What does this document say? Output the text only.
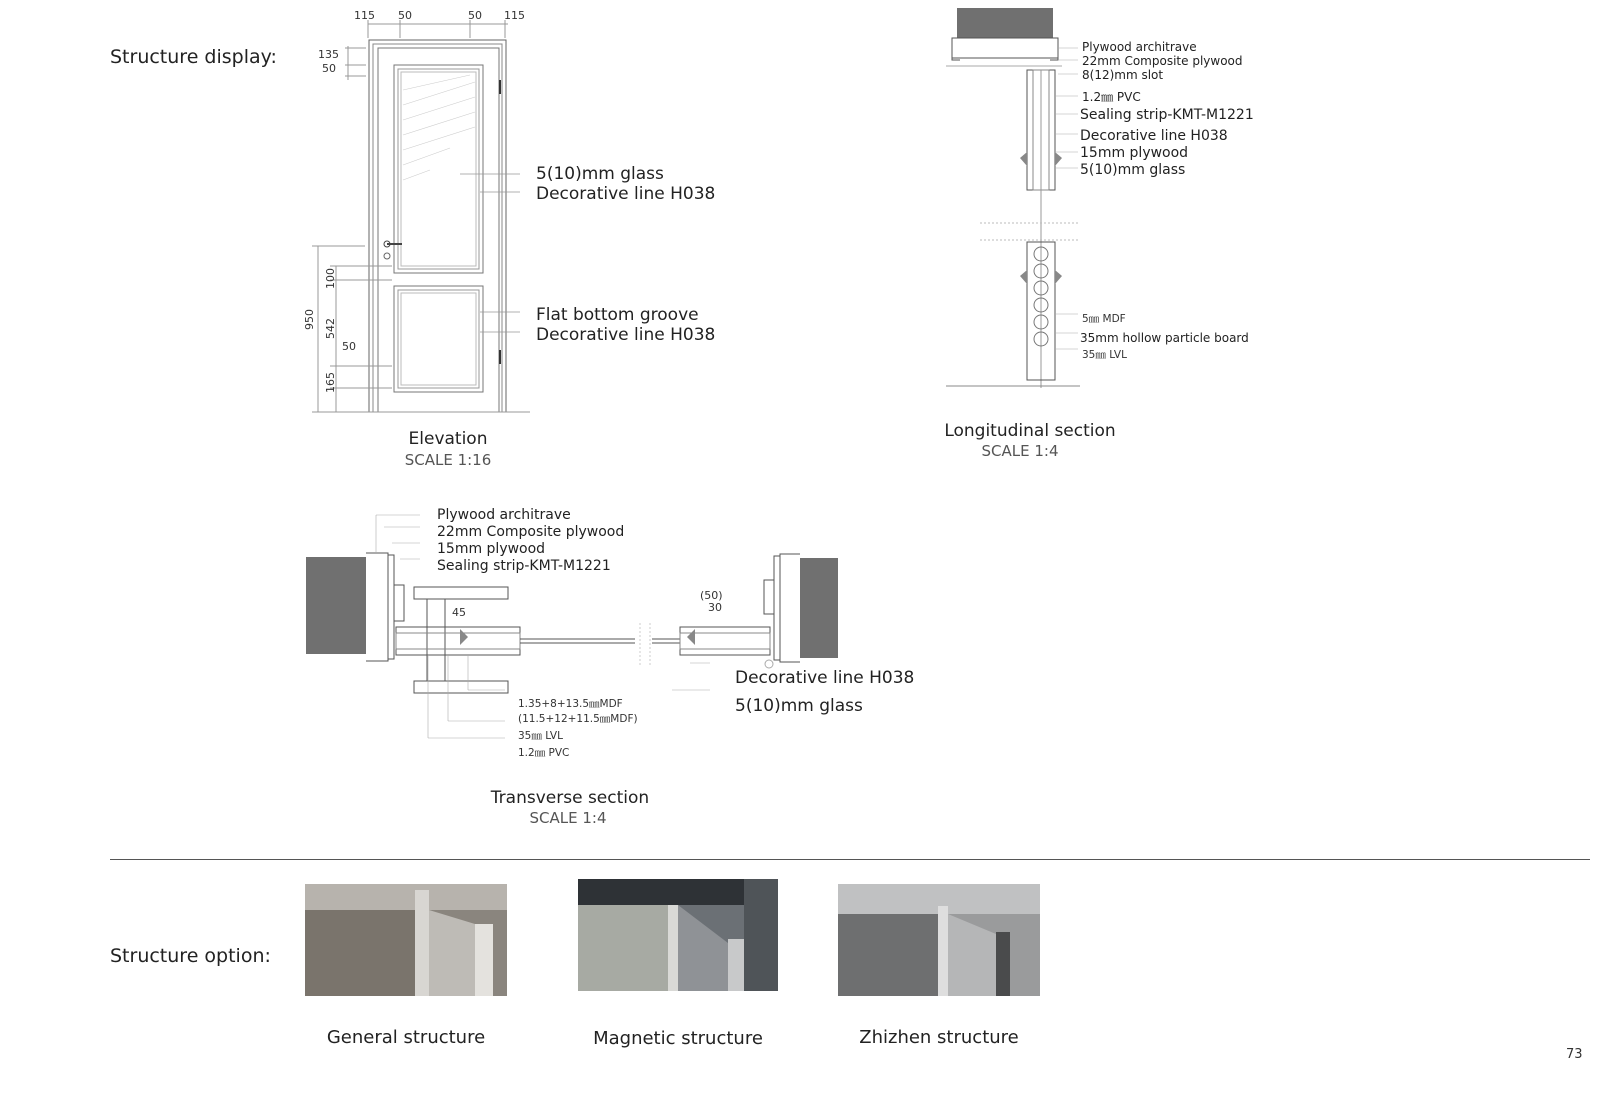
Structure display:
Structure option:
115 50	50 115
135
50
950
100
542
50
165
5(10)mm glass
Decorative line H038
Flat bottom groove
Decorative line H038
Elevation
SCALE 1:16
Plywood architrave
22mm Composite plywood
8(12)mm slot
1.2㎜ PVC
Sealing strip-KMT-M1221
Decorative line H038
15mm plywood
5(10)mm glass
5㎜ MDF
35mm hollow particle board
35㎜ LVL
Longitudinal section
SCALE 1:4
Plywood architrave
22mm Composite plywood
15mm plywood
Sealing strip-KMT-M1221
45
(50)
30
Decorative line H038
5(10)mm glass
1.35+8+13.5㎜MDF
(11.5+12+11.5㎜MDF)
35㎜ LVL
1.2㎜ PVC
Transverse section
SCALE 1:4
General structure	Magnetic structure	Zhizhen structure
73
